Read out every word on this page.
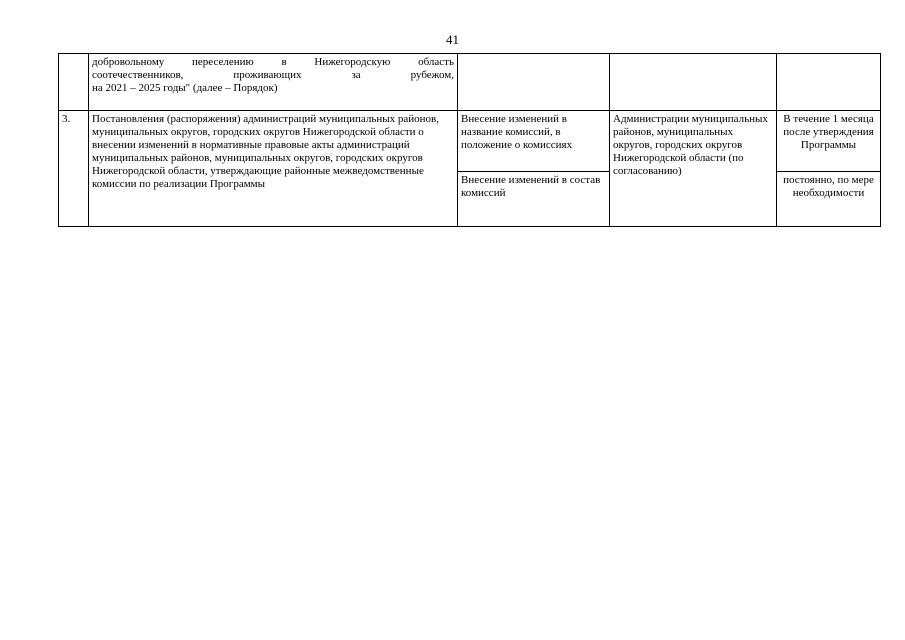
41

	добровольному переселению в Нижегородскую область
соотечественников, проживающих за рубежом,
на 2021 – 2025 годы" (далее – Порядок)			

3.	Постановления (распоряжения) администраций муниципальных районов, муниципальных округов, городских округов Нижегородской области о внесении изменений в нормативные правовые акты администраций муниципальных районов, муниципальных округов, городских округов Нижегородской области, утверждающие районные межведомственные комиссии по реализации Программы	Внесение изменений в название комиссий, в положение о комиссиях	Администрации муниципальных районов, муниципальных округов, городских округов Нижегородской области (по согласованию)	В течение 1 месяца после утверждения Программы
		Внесение изменений в состав комиссий		постоянно, по мере необходимости
